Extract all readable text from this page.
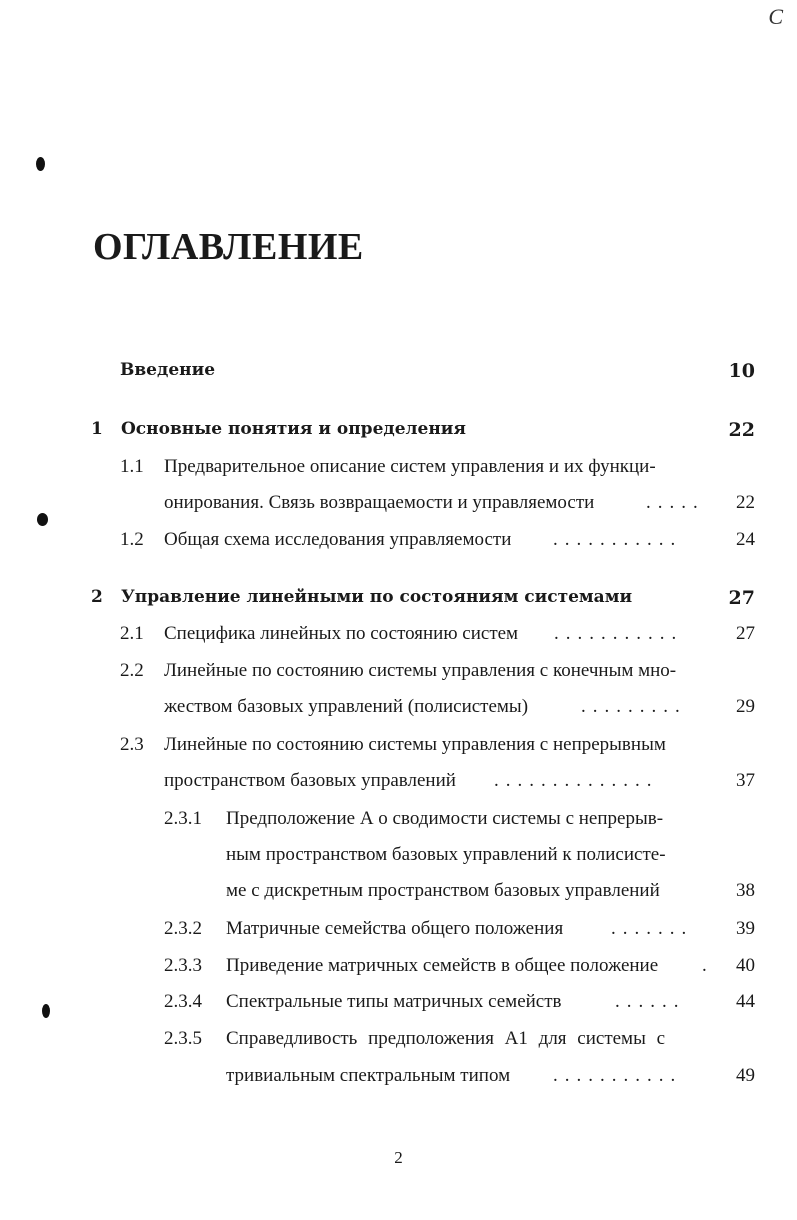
C
ОГЛАВЛЕНИЕ
Введение	10
1 Основные понятия и определения	22
1.1 Предварительное описание систем управления и их функци-
онирования. Связь возвращаемости и управляемости	..... 22
1.2 Общая схема исследования управляемости ...........	24
2 Управление линейными по состояниям системами	27
2.1 Специфика линейных по состоянию систем ...........	27
2.2 Линейные по состоянию системы управления с конечным мно-
жеством базовых управлений (полисистемы)	.........	29
2.3 Линейные по состоянию системы управления с непрерывным
пространством базовых управлений ..............	37
2.3.1 Предположение А о сводимости системы с непрерыв-
ным пространством базовых управлений к полисисте-
ме с дискретным пространством базовых управлений	38
2.3.2 Матричные семейства общего положения	....... 39
2.3.3 Приведение матричных семейств в общее положение . 40
2.3.4 Спектральные типы матричных семейств	......	44
2.3.5 Справедливость предположения А1 для системы с
тривиальным спектральным типом ...........	49
2
